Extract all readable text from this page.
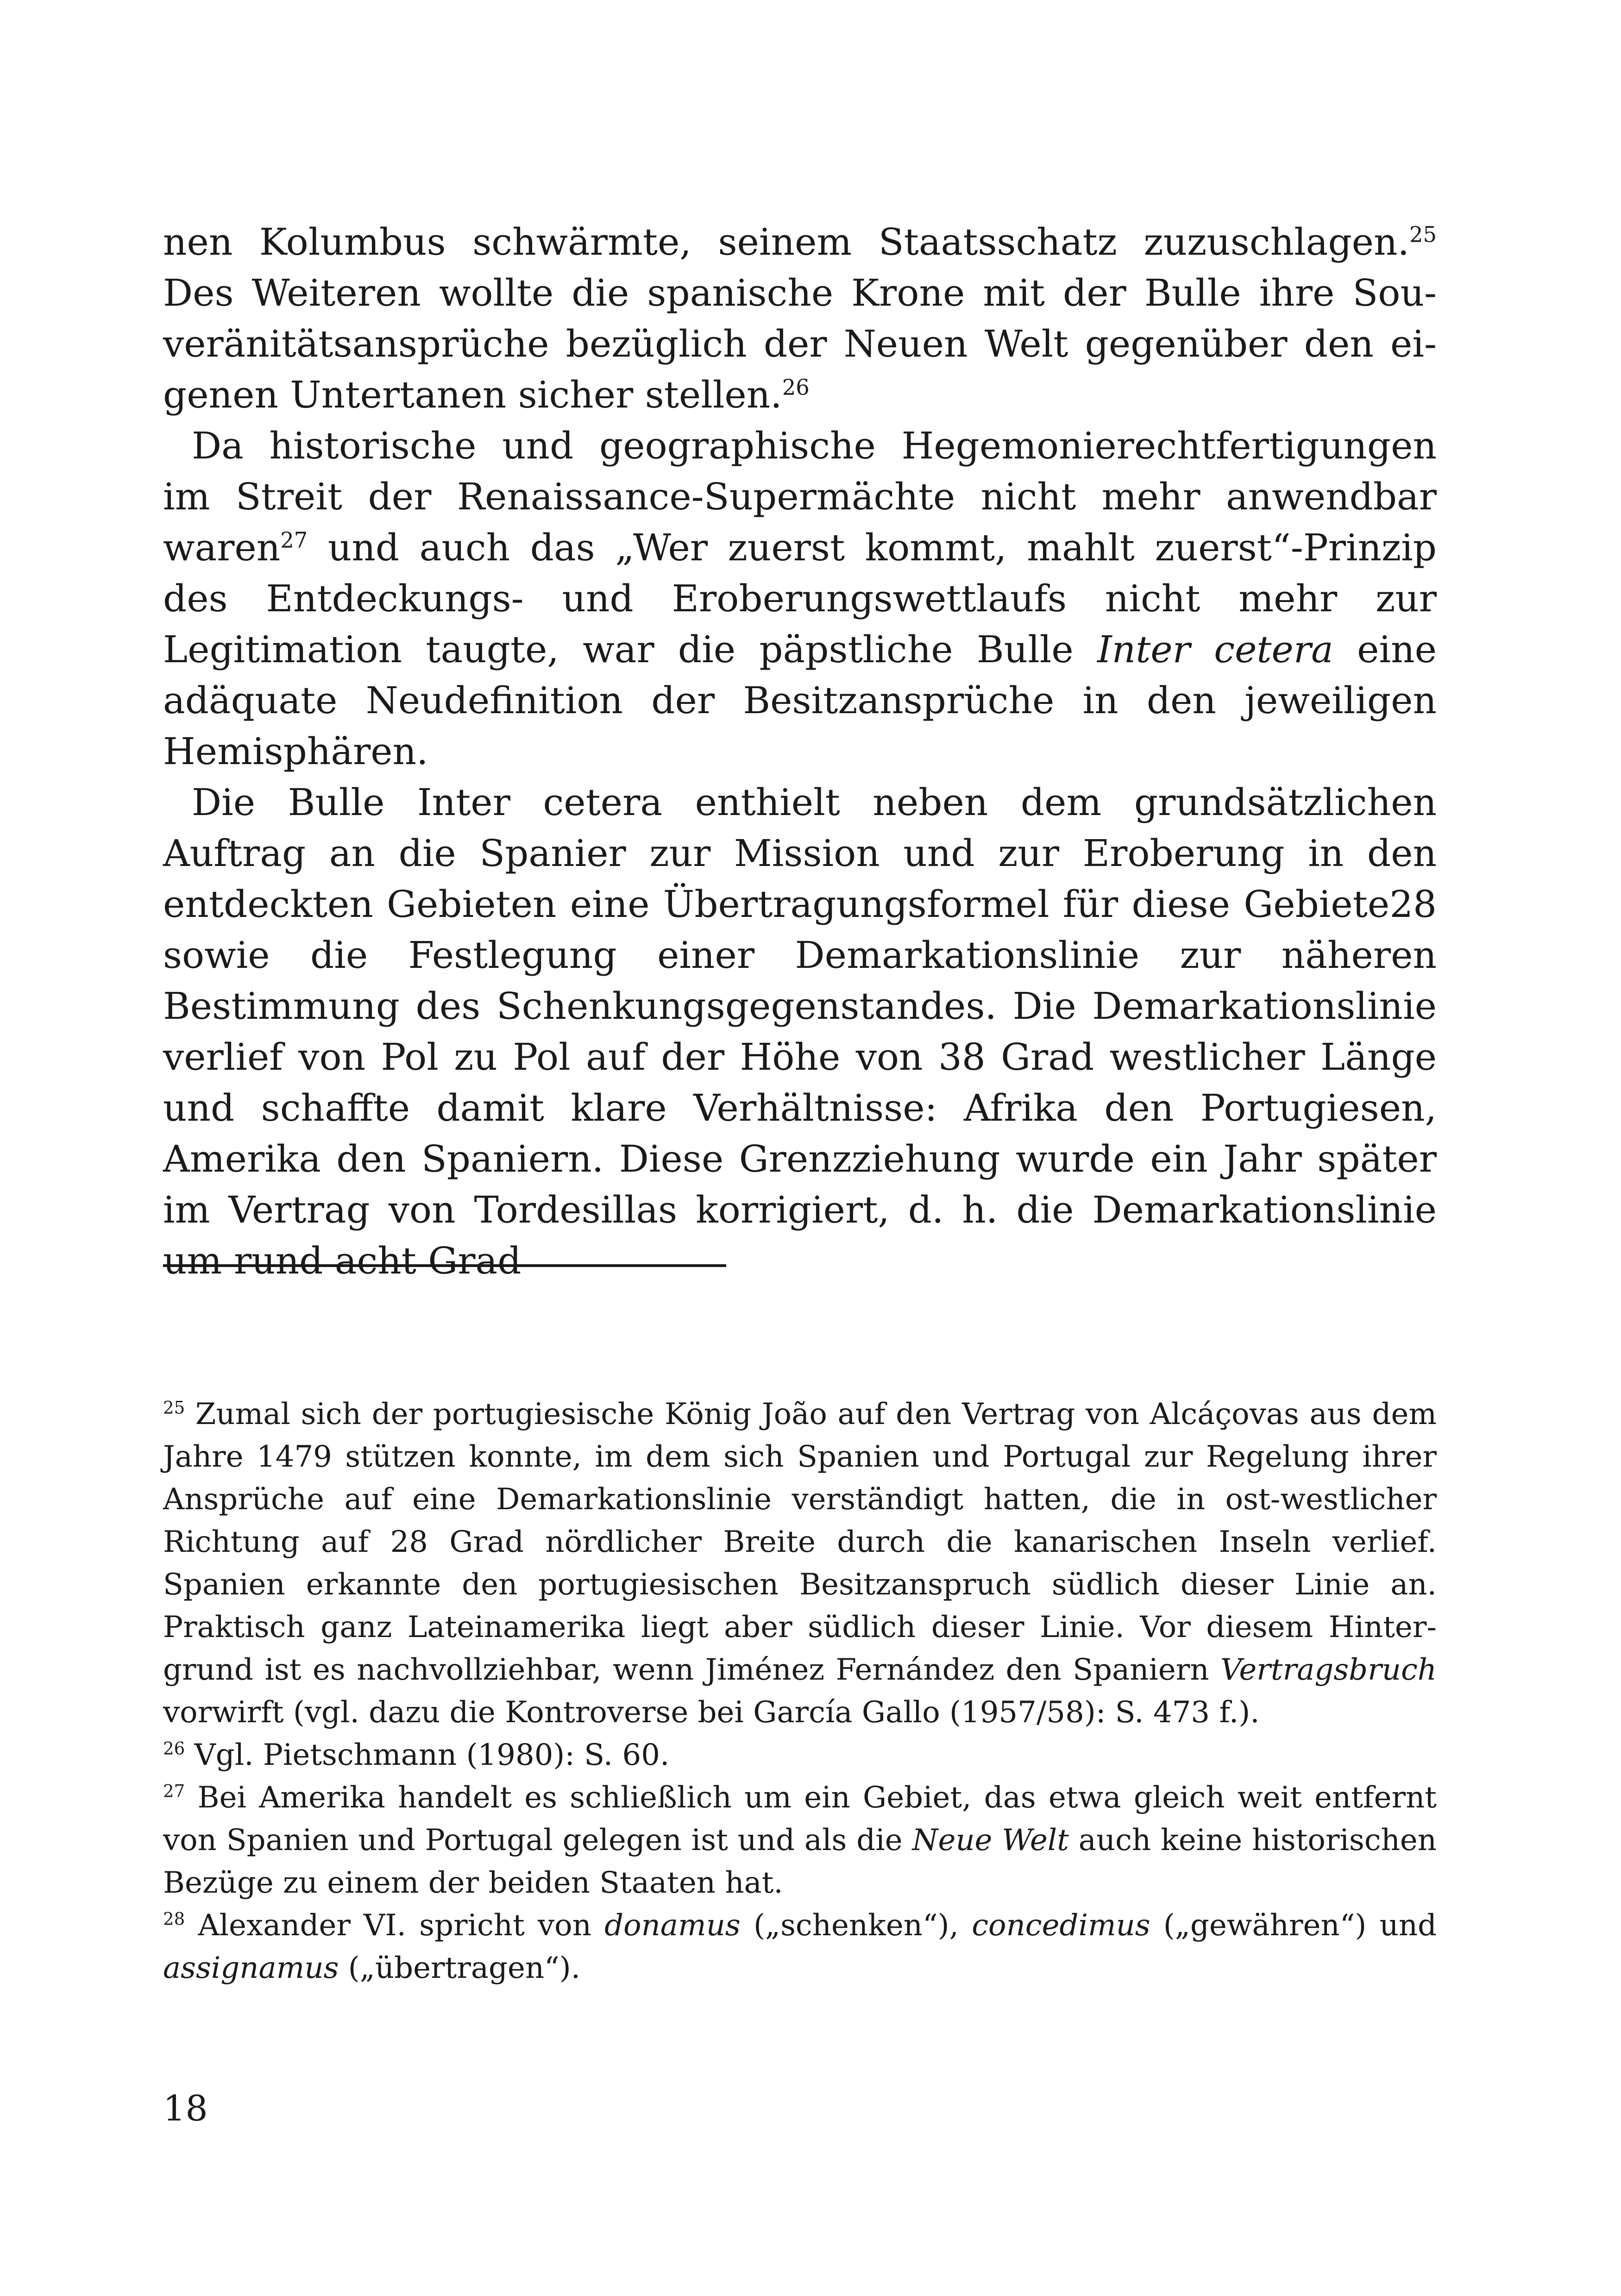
nen Kolumbus schwärmte, seinem Staatsschatz zuzuschlagen.$^{25}$ Des Weiteren wollte die spanische Krone mit der Bulle ihre Souveränitätsansprüche bezüglich der Neuen Welt gegenüber den eigenen Untertanen sicher stellen.$^{26}$

Da historische und geographische Hegemonierechtfertigungen im Streit der Renaissance-Supermächte nicht mehr anwendbar waren$^{27}$ und auch das „Wer zuerst kommt, mahlt zuerst“-Prinzip des Entdeckungs- und Eroberungswettlaufs nicht mehr zur Legitimation taugte, war die päpstliche Bulle Inter cetera eine adäquate Neudefinition der Besitzansprüche in den jeweiligen Hemisphären.

Die Bulle Inter cetera enthielt neben dem grundsätzlichen Auftrag an die Spanier zur Mission und zur Eroberung in den entdeckten Gebieten eine Übertragungsformel für diese Gebiete28 sowie die Festlegung einer Demarkationslinie zur näheren Bestimmung des Schenkungsgegenstandes. Die Demarkationslinie verlief von Pol zu Pol auf der Höhe von 38 Grad westlicher Länge und schaffte damit klare Verhältnisse: Afrika den Portugiesen, Amerika den Spaniern. Diese Grenzziehung wurde ein Jahr später im Vertrag von Tordesillas korrigiert, d. h. die Demarkationslinie um rund acht Grad

$^{25}$ Zumal sich der portugiesische König João auf den Vertrag von Alcáçovas aus dem Jahre 1479 stützen konnte, im dem sich Spanien und Portugal zur Regelung ihrer Ansprüche auf eine Demarkationslinie verständigt hatten, die in ost-westlicher Richtung auf 28 Grad nördlicher Breite durch die kanarischen Inseln verlief. Spanien erkannte den portugiesischen Besitzanspruch südlich dieser Linie an. Praktisch ganz Lateinamerika liegt aber südlich dieser Linie. Vor diesem Hintergrund ist es nachvollziehbar, wenn Jiménez Fernández den Spaniern Vertragsbruch vorwirft (vgl. dazu die Kontroverse bei García Gallo (1957/58): S. 473 f.).

$^{26}$ Vgl. Pietschmann (1980): S. 60.

$^{27}$ Bei Amerika handelt es schließlich um ein Gebiet, das etwa gleich weit entfernt von Spanien und Portugal gelegen ist und als die Neue Welt auch keine historischen Bezüge zu einem der beiden Staaten hat.

$^{28}$ Alexander VI. spricht von donamus („schenken“), concedimus („gewähren“) und assignamus („übertragen“).

18
